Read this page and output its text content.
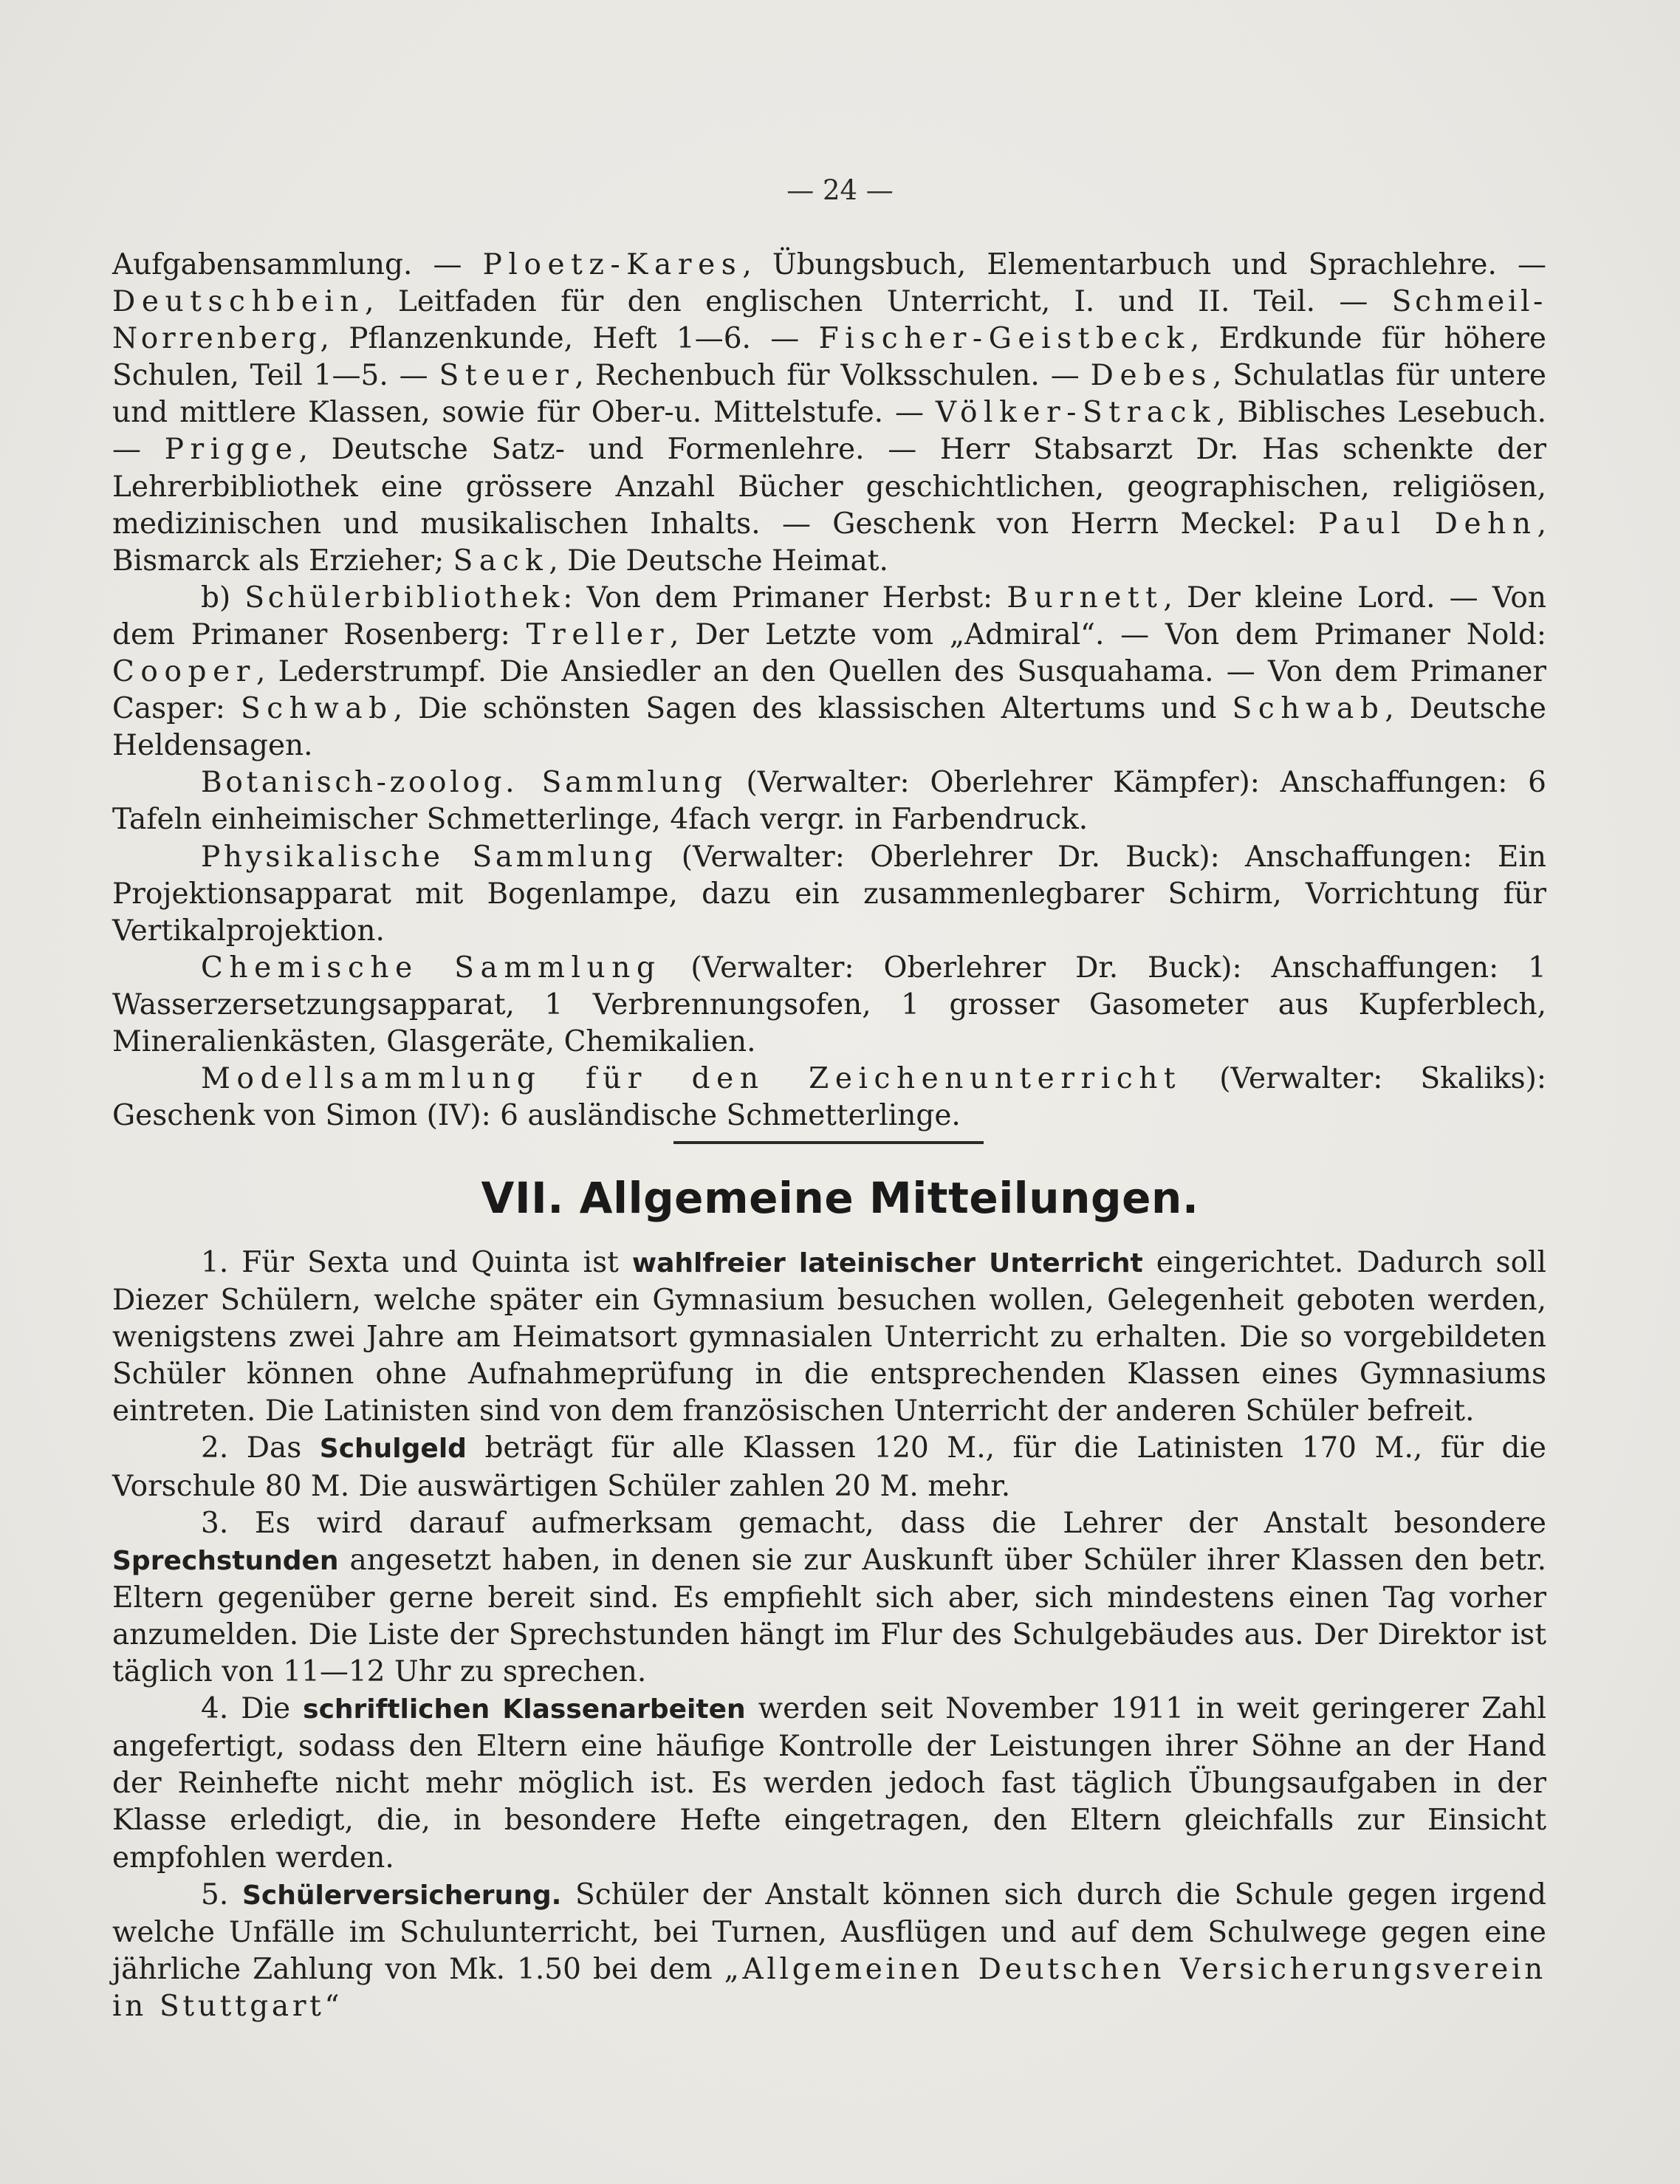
— 24 —

Aufgabensammlung. — Ploetz-Kares, Übungsbuch, Elementarbuch und Sprachlehre. — Deutschbein, Leitfaden für den englischen Unterricht, I. und II. Teil. — Schmeil-Norrenberg, Pflanzenkunde, Heft 1—6. — Fischer-Geistbeck, Erdkunde für höhere Schulen, Teil 1—5. — Steuer, Rechenbuch für Volksschulen. — Debes, Schulatlas für untere und mittlere Klassen, sowie für Ober-u. Mittelstufe. — Völker-Strack, Biblisches Lesebuch. — Prigge, Deutsche Satz- und Formenlehre. — Herr Stabsarzt Dr. Has schenkte der Lehrerbibliothek eine grössere Anzahl Bücher geschichtlichen, geographischen, religiösen, medizinischen und musikalischen Inhalts. — Geschenk von Herrn Meckel: Paul Dehn, Bismarck als Erzieher; Sack, Die Deutsche Heimat.

b) Schülerbibliothek: Von dem Primaner Herbst: Burnett, Der kleine Lord. — Von dem Primaner Rosenberg: Treller, Der Letzte vom „Admiral“. — Von dem Primaner Nold: Cooper, Lederstrumpf. Die Ansiedler an den Quellen des Susquahama. — Von dem Primaner Casper: Schwab, Die schönsten Sagen des klassischen Altertums und Schwab, Deutsche Heldensagen.

Botanisch-zoolog. Sammlung (Verwalter: Oberlehrer Kämpfer): Anschaffungen: 6 Tafeln einheimischer Schmetterlinge, 4fach vergr. in Farbendruck.

Physikalische Sammlung (Verwalter: Oberlehrer Dr. Buck): Anschaffungen: Ein Projektionsapparat mit Bogenlampe, dazu ein zusammenlegbarer Schirm, Vorrichtung für Vertikalprojektion.

Chemische Sammlung (Verwalter: Oberlehrer Dr. Buck): Anschaffungen: 1 Wasserzersetzungsapparat, 1 Verbrennungsofen, 1 grosser Gasometer aus Kupferblech, Mineralienkästen, Glasgeräte, Chemikalien.

Modellsammlung für den Zeichenunterricht (Verwalter: Skaliks): Geschenk von Simon (IV): 6 ausländische Schmetterlinge.

VII. Allgemeine Mitteilungen.

1. Für Sexta und Quinta ist wahlfreier lateinischer Unterricht eingerichtet. Dadurch soll Diezer Schülern, welche später ein Gymnasium besuchen wollen, Gelegenheit geboten werden, wenigstens zwei Jahre am Heimatsort gymnasialen Unterricht zu erhalten. Die so vorgebildeten Schüler können ohne Aufnahmeprüfung in die entsprechenden Klassen eines Gymnasiums eintreten. Die Latinisten sind von dem französischen Unterricht der anderen Schüler befreit.

2. Das Schulgeld beträgt für alle Klassen 120 M., für die Latinisten 170 M., für die Vorschule 80 M. Die auswärtigen Schüler zahlen 20 M. mehr.

3. Es wird darauf aufmerksam gemacht, dass die Lehrer der Anstalt besondere Sprechstunden angesetzt haben, in denen sie zur Auskunft über Schüler ihrer Klassen den betr. Eltern gegenüber gerne bereit sind. Es empfiehlt sich aber, sich mindestens einen Tag vorher anzumelden. Die Liste der Sprechstunden hängt im Flur des Schulgebäudes aus. Der Direktor ist täglich von 11—12 Uhr zu sprechen.

4. Die schriftlichen Klassenarbeiten werden seit November 1911 in weit geringerer Zahl angefertigt, sodass den Eltern eine häufige Kontrolle der Leistungen ihrer Söhne an der Hand der Reinhefte nicht mehr möglich ist. Es werden jedoch fast täglich Übungsaufgaben in der Klasse erledigt, die, in besondere Hefte eingetragen, den Eltern gleichfalls zur Einsicht empfohlen werden.

5. Schülerversicherung. Schüler der Anstalt können sich durch die Schule gegen irgend welche Unfälle im Schulunterricht, bei Turnen, Ausflügen und auf dem Schulwege gegen eine jährliche Zahlung von Mk. 1.50 bei dem „Allgemeinen Deutschen Versicherungsverein in Stuttgart“
